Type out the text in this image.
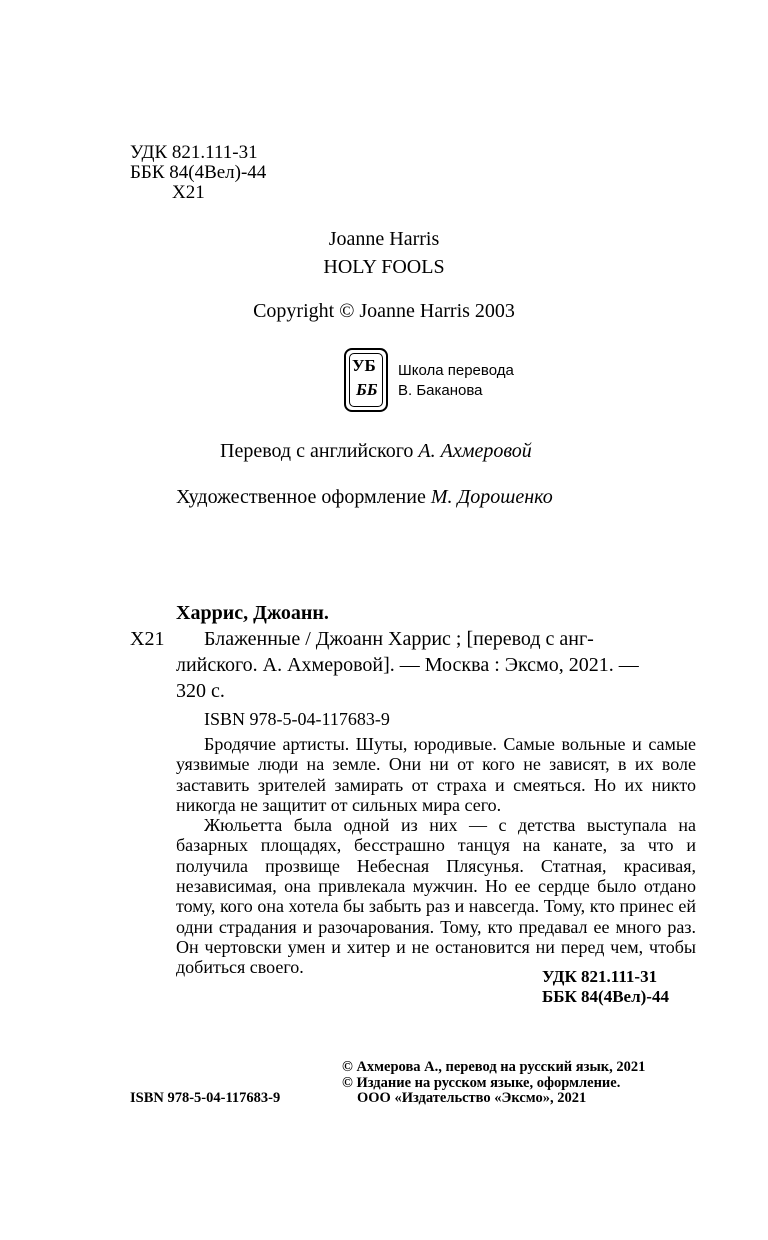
УДК 821.111-31
ББК 84(4Вел)-44
Х21
Joanne Harris
HOLY FOOLS
Copyright © Joanne Harris 2003
УБ
ББ
Школа перевода
В. Баканова
Перевод с английского А. Ахмеровой
Художественное оформление М. Дорошенко
Харрис, Джоанн.
Х21 Блаженные / Джоанн Харрис ; [перевод с анг-
лийского. А. Ахмеровой]. — Москва : Эксмо, 2021. —
320 с.
ISBN 978-5-04-117683-9

Бродячие артисты. Шуты, юродивые. Самые вольные и самые уязвимые люди на земле. Они ни от кого не зависят, в их воле заставить зрителей замирать от страха и смеяться. Но их никто никогда не защитит от сильных мира сего.

Жюльетта была одной из них — с детства выступала на базарных площадях, бесстрашно танцуя на канате, за что и получила прозвище Небесная Плясунья. Статная, красивая, независимая, она привлекала мужчин. Но ее сердце было отдано тому, кого она хотела бы забыть раз и навсегда. Тому, кто принес ей одни страдания и разочарования. Тому, кто предавал ее много раз. Он чертовски умен и хитер и не остановится ни перед чем, чтобы добиться своего.	УДК 821.111-31
ББК 84(4Вел)-44
© Ахмерова А., перевод на русский язык, 2021
© Издание на русском языке, оформление.
ISBN 978-5-04-117683-9	ООО «Издательство «Эксмо», 2021
